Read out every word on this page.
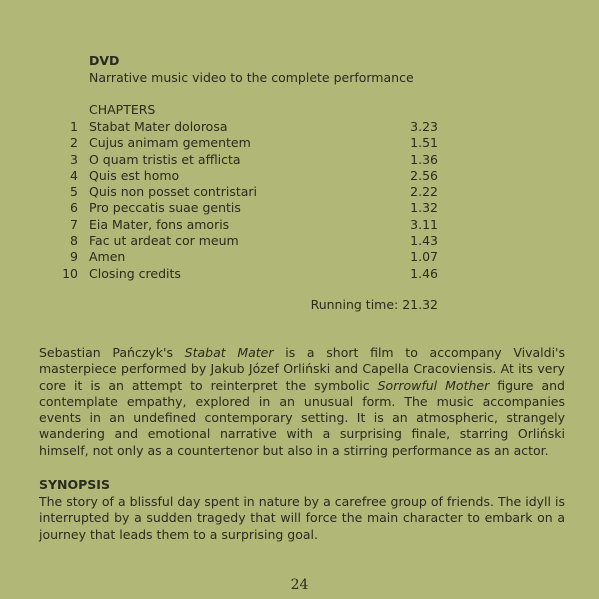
DVD
Narrative music video to the complete performance
CHAPTERS
1 Stabat Mater dolorosa	3.23
2 Cujus animam gementem	1.51
3 O quam tristis et afflicta	1.36
4 Quis est homo	2.56
5 Quis non posset contristari	2.22
6 Pro peccatis suae gentis	1.32
7 Eia Mater, fons amoris	3.11
8 Fac ut ardeat cor meum	1.43
9 Amen	1.07
10 Closing credits	1.46
Running time: 21.32
Sebastian Pańczyk's Stabat Mater is a short film to accompany Vivaldi's masterpiece performed by Jakub Józef Orliński and Capella Cracoviensis. At its very core it is an attempt to reinterpret the symbolic Sorrowful Mother figure and contemplate empathy, explored in an unusual form. The music accompanies events in an undefined contemporary setting. It is an atmospheric, strangely wandering and emotional narrative with a surprising finale, starring Orliński himself, not only as a countertenor but also in a stirring performance as an actor.
SYNOPSIS
The story of a blissful day spent in nature by a carefree group of friends. The idyll is interrupted by a sudden tragedy that will force the main character to embark on a journey that leads them to a surprising goal.
24
